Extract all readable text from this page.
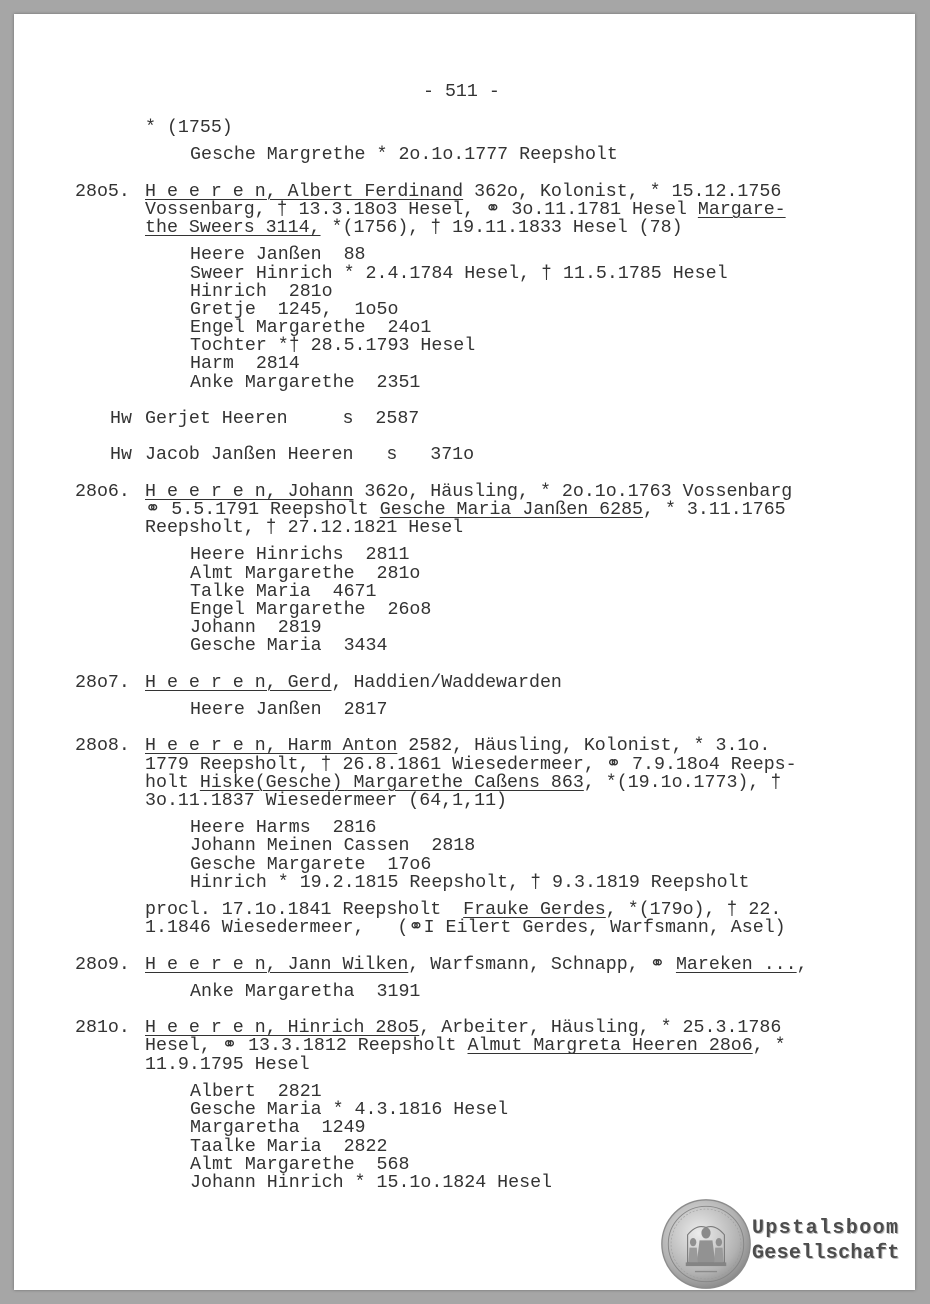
- 511 -
* (1755)
Gesche Margrethe * 2o.1o.1777 Reepsholt
28o5. H e e r e n, Albert Ferdinand 362o, Kolonist, * 15.12.1756
Vossenbarg, † 13.3.18o3 Hesel, ⚭ 3o.11.1781 Hesel Margare-
the Sweers 3114, *(1756), † 19.11.1833 Hesel (78)
Heere Janßen  88
Sweer Hinrich * 2.4.1784 Hesel, † 11.5.1785 Hesel
Hinrich  281o
Gretje  1245,  1o5o
Engel Margarethe  24o1
Tochter *† 28.5.1793 Hesel
Harm  2814
Anke Margarethe  2351
Hw Gerjet Heeren     s  2587
Hw Jacob Janßen Heeren   s   371o
28o6. H e e r e n, Johann 362o, Häusling, * 2o.1o.1763 Vossenbarg
⚭ 5.5.1791 Reepsholt Gesche Maria Janßen 6285, * 3.11.1765
Reepsholt, † 27.12.1821 Hesel
Heere Hinrichs  2811
Almt Margarethe  281o
Talke Maria  4671
Engel Margarethe  26o8
Johann  2819
Gesche Maria  3434
28o7. H e e r e n, Gerd, Haddien/Waddewarden
Heere Janßen  2817
28o8. H e e r e n, Harm Anton 2582, Häusling, Kolonist, * 3.1o.
1779 Reepsholt, † 26.8.1861 Wiesedermeer, ⚭ 7.9.18o4 Reeps-
holt Hiske(Gesche) Margarethe Caßens 863, *(19.1o.1773), †
3o.11.1837 Wiesedermeer (64,1,11)
Heere Harms  2816
Johann Meinen Cassen  2818
Gesche Margarete  17o6
Hinrich * 19.2.1815 Reepsholt, † 9.3.1819 Reepsholt
procl. 17.1o.1841 Reepsholt  Frauke Gerdes, *(179o), † 22.
1.1846 Wiesedermeer,   (⚭I Eilert Gerdes, Warfsmann, Asel)
28o9. H e e r e n, Jann Wilken, Warfsmann, Schnapp, ⚭ Mareken ...,
Anke Margaretha  3191
281o. H e e r e n, Hinrich 28o5, Arbeiter, Häusling, * 25.3.1786
Hesel, ⚭ 13.3.1812 Reepsholt Almut Margreta Heeren 28o6, *
11.9.1795 Hesel
Albert  2821
Gesche Maria * 4.3.1816 Hesel
Margaretha  1249
Taalke Maria  2822
Almt Margarethe  568
Johann Hinrich * 15.1o.1824 Hesel
Upstalsboom
Gesellschaft
